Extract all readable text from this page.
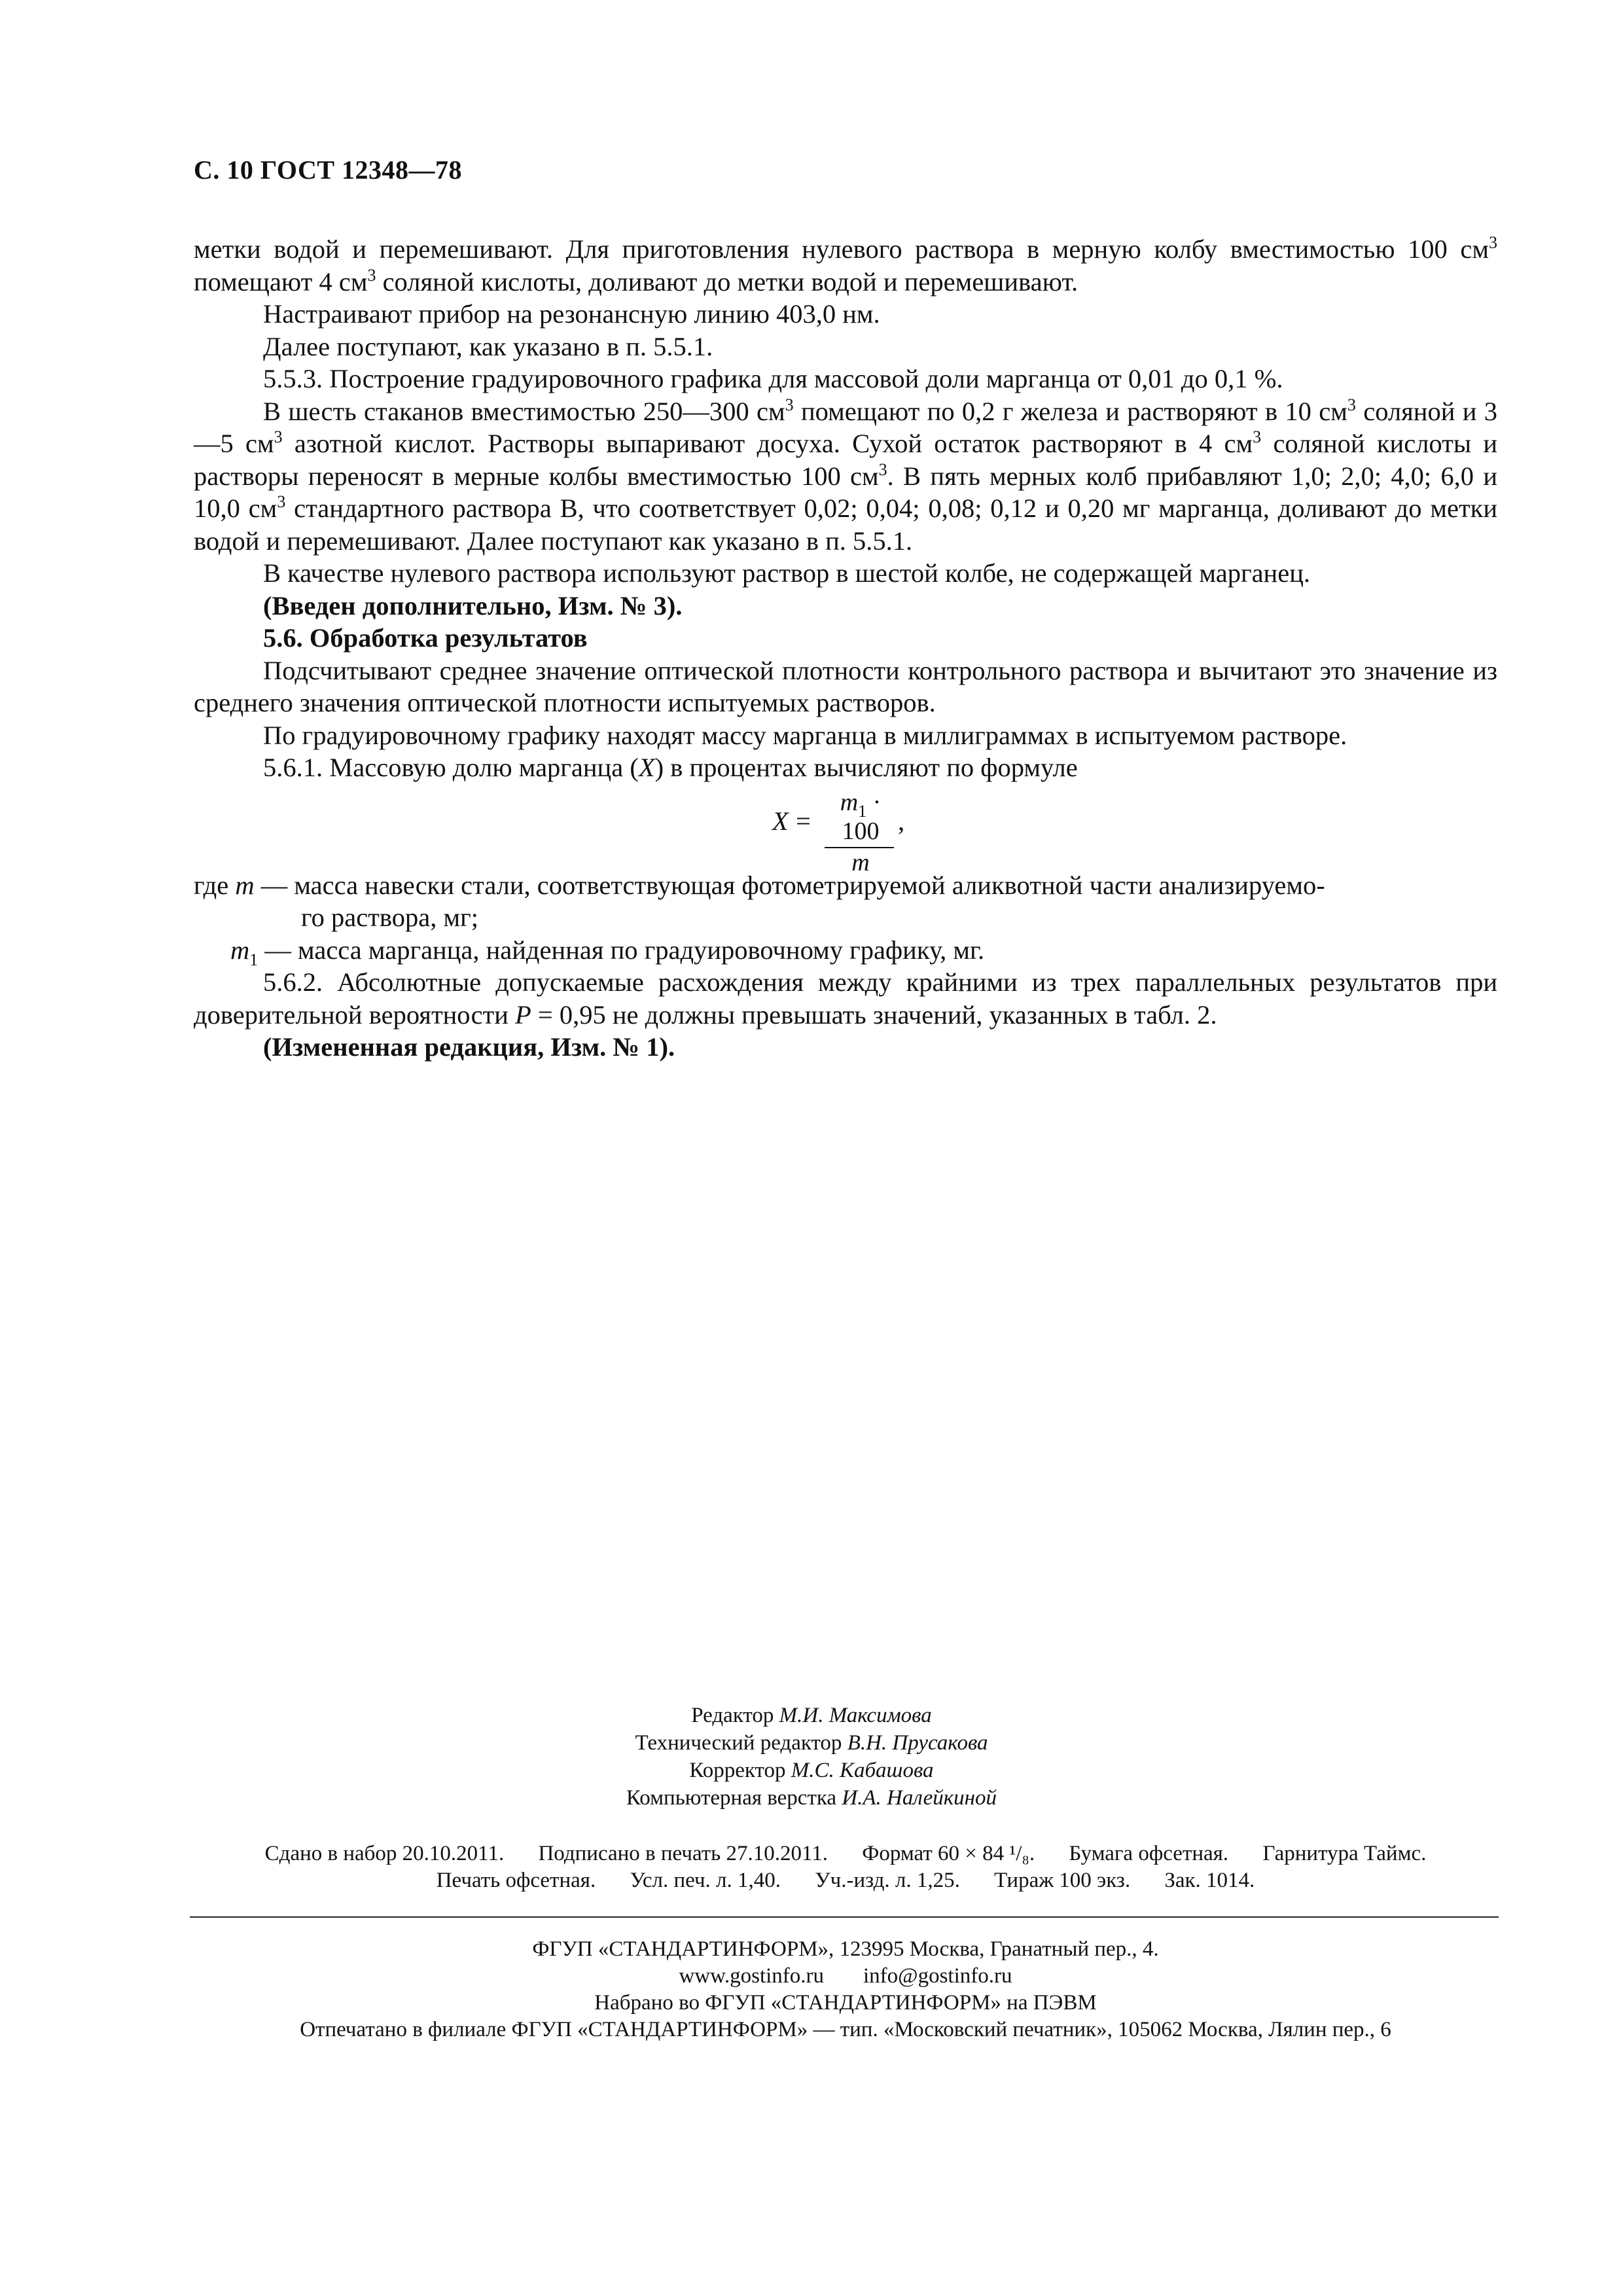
С. 10 ГОСТ 12348—78

метки водой и перемешивают. Для приготовления нулевого раствора в мерную колбу вместимостью 100 $см^3$ помещают 4 $см^3$ соляной кислоты, доливают до метки водой и перемешивают.

Настраивают прибор на резонансную линию 403,0 нм.

Далее поступают, как указано в п. 5.5.1.

5.5.3. Построение градуировочного графика для массовой доли марганца от 0,01 до 0,1 %.

В шесть стаканов вместимостью 250—300 $см^3$ помещают по 0,2 г железа и растворяют в 10 $см^3$ соляной и 3—5 $см^3$ азотной кислот. Растворы выпаривают досуха. Сухой остаток растворяют в 4 $см^3$ соляной кислоты и растворы переносят в мерные колбы вместимостью 100 $см^3$. В пять мерных колб прибавляют 1,0; 2,0; 4,0; 6,0 и 10,0 $см^3$ стандартного раствора В, что соответствует 0,02; 0,04; 0,08; 0,12 и 0,20 мг марганца, доливают до метки водой и перемешивают. Далее поступают как указано в п. 5.5.1.

В качестве нулевого раствора используют раствор в шестой колбе, не содержащей марганец.

(Введен дополнительно, Изм. № 3).

5.6. Обработка результатов

Подсчитывают среднее значение оптической плотности контрольного раствора и вычитают это значение из среднего значения оптической плотности испытуемых растворов.

По градуировочному графику находят массу марганца в миллиграммах в испытуемом растворе.

5.6.1. Массовую долю марганца (X) в процентах вычисляют по формуле

X =
$m_1 \cdot 100$
m
,

где m — масса навески стали, соответствующая фотометрируемой аликвотной части анализируемо-

го раствора, мг;

$m_1$ — масса марганца, найденная по градуировочному графику, мг.

5.6.2. Абсолютные допускаемые расхождения между крайними из трех параллельных результатов при доверительной вероятности P = 0,95 не должны превышать значений, указанных в табл. 2.

(Измененная редакция, Изм. № 1).

Редактор М.И. Максимова
Технический редактор В.Н. Прусакова
Корректор М.С. Кабашова
Компьютерная верстка И.А. Налейкиной
Сдано в набор 20.10.2011. Подписано в печать 27.10.2011. Формат 60 × 84 ¹/₈. Бумага офсетная. Гарнитура Таймс.
Печать офсетная. Усл. печ. л. 1,40. Уч.-изд. л. 1,25. Тираж 100 экз. Зак. 1014.
ФГУП «СТАНДАРТИНФОРМ», 123995 Москва, Гранатный пер., 4.
www.gostinfo.ru info@gostinfo.ru
Набрано во ФГУП «СТАНДАРТИНФОРМ» на ПЭВМ
Отпечатано в филиале ФГУП «СТАНДАРТИНФОРМ» — тип. «Московский печатник», 105062 Москва, Лялин пер., 6
